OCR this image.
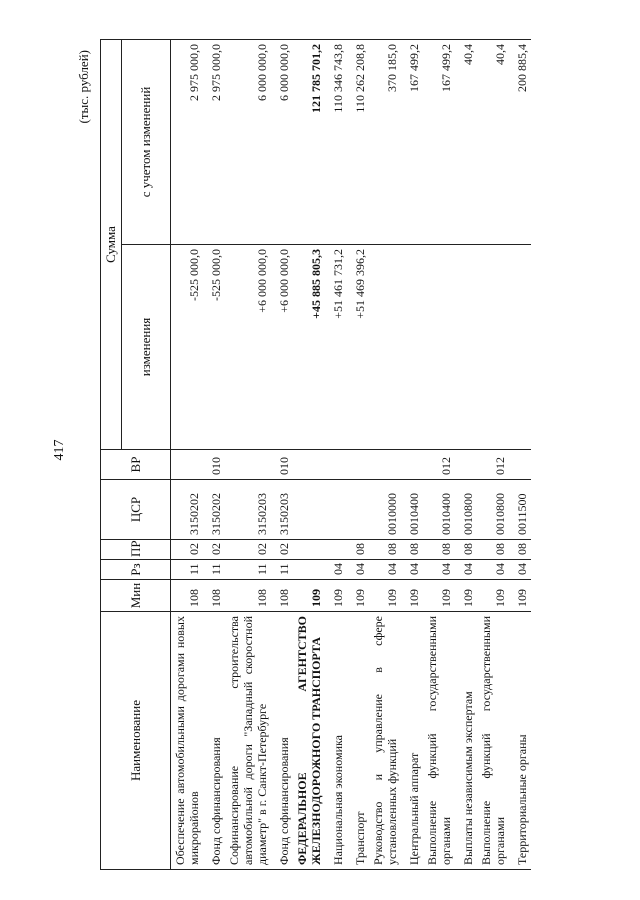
417
(тыс. рублей)
Наименование	Мин	Рз	ПР	ЦСР	ВР	Сумма	
						изменения	с учетом изменений
Обеспечение автомобильными дорогами новых микрорайонов	108	11	02	3150202		-525 000,0	2 975 000,0
Фонд софинансирования	108	11	02	3150202	010	-525 000,0	2 975 000,0
Софинансирование строительства автомобильной дороги "Западный скоростной диаметр" в г. Санкт-Петербурге	108	11	02	3150203		+6 000 000,0	6 000 000,0
Фонд софинансирования	108	11	02	3150203	010	+6 000 000,0	6 000 000,0
ФЕДЕРАЛЬНОЕ АГЕНТСТВО ЖЕЛЕЗНОДОРОЖНОГО ТРАНСПОРТА	109					+45 885 805,3	121 785 701,2
Национальная экономика	109	04				+51 461 731,2	110 346 743,8
Транспорт	109	04	08			+51 469 396,2	110 262 208,8
Руководство и управление в сфере установленных функций	109	04	08	0010000			370 185,0
Центральный аппарат	109	04	08	0010400			167 499,2
Выполнение функций государственными органами	109	04	08	0010400	012		167 499,2
Выплаты независимым экспертам	109	04	08	0010800			40,4
Выполнение функций государственными органами	109	04	08	0010800	012		40,4
Территориальные органы	109	04	08	0011500			200 885,4
